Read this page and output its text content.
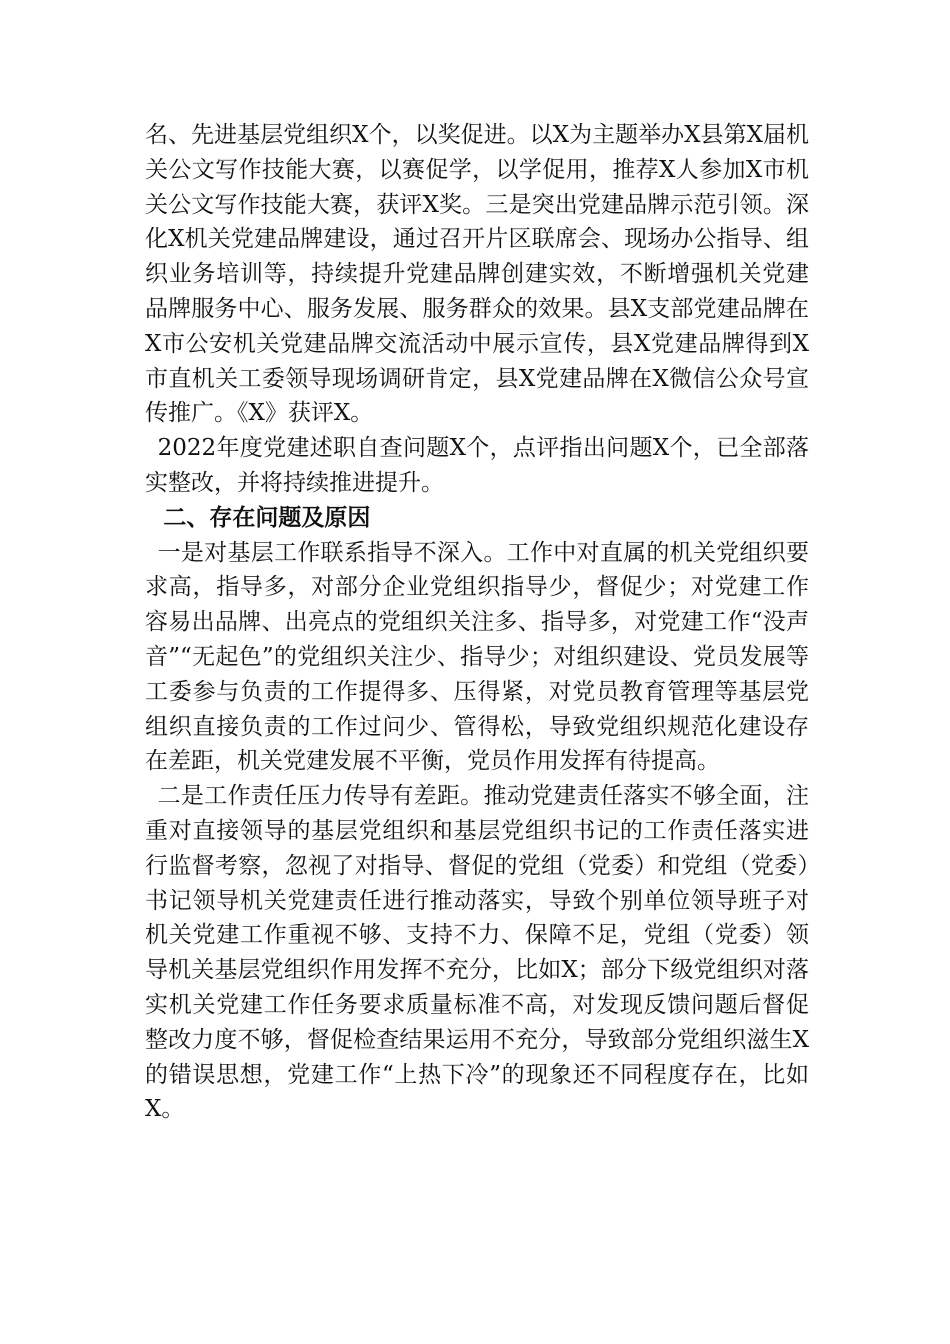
名、先进基层党组织X个，以奖促进。以X为主题举办X县第X届机关公文写作技能大赛，以赛促学，以学促用，推荐X人参加X市机关公文写作技能大赛，获评X奖。三是突出党建品牌示范引领。深化X机关党建品牌建设，通过召开片区联席会、现场办公指导、组织业务培训等，持续提升党建品牌创建实效，不断增强机关党建品牌服务中心、服务发展、服务群众的效果。县X支部党建品牌在X市公安机关党建品牌交流活动中展示宣传，县X党建品牌得到X市直机关工委领导现场调研肯定，县X党建品牌在X微信公众号宣传推广。《X》获评X。

2022年度党建述职自查问题X个，点评指出问题X个，已全部落实整改，并将持续推进提升。

二、存在问题及原因

一是对基层工作联系指导不深入。工作中对直属的机关党组织要求高，指导多，对部分企业党组织指导少，督促少；对党建工作容易出品牌、出亮点的党组织关注多、指导多，对党建工作“没声音”“无起色”的党组织关注少、指导少；对组织建设、党员发展等工委参与负责的工作提得多、压得紧，对党员教育管理等基层党组织直接负责的工作过问少、管得松，导致党组织规范化建设存在差距，机关党建发展不平衡，党员作用发挥有待提高。

二是工作责任压力传导有差距。推动党建责任落实不够全面，注重对直接领导的基层党组织和基层党组织书记的工作责任落实进行监督考察，忽视了对指导、督促的党组（党委）和党组（党委）书记领导机关党建责任进行推动落实，导致个别单位领导班子对机关党建工作重视不够、支持不力、保障不足，党组（党委）领导机关基层党组织作用发挥不充分，比如X；部分下级党组织对落实机关党建工作任务要求质量标准不高，对发现反馈问题后督促整改力度不够，督促检查结果运用不充分，导致部分党组织滋生X的错误思想，党建工作“上热下冷”的现象还不同程度存在，比如X。
